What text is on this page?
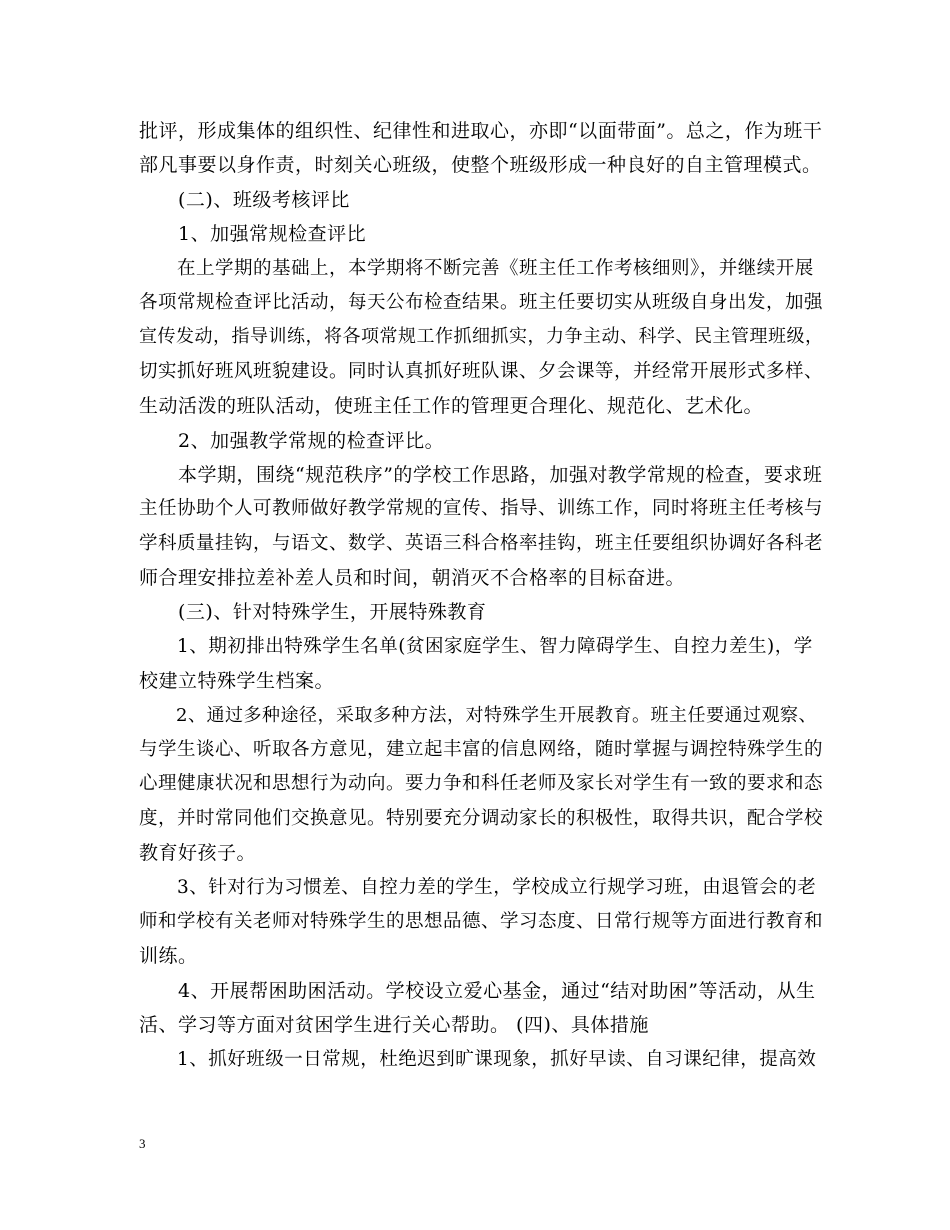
批评，形成集体的组织性、纪律性和进取心，亦即“以面带面”。总之，作为班干
部凡事要以身作责，时刻关心班级，使整个班级形成一种良好的自主管理模式。
　　(二)、班级考核评比
　　1、加强常规检查评比
　　在上学期的基础上，本学期将不断完善《班主任工作考核细则》，并继续开展
各项常规检查评比活动，每天公布检查结果。班主任要切实从班级自身出发，加强
宣传发动，指导训练，将各项常规工作抓细抓实，力争主动、科学、民主管理班级，
切实抓好班风班貌建设。同时认真抓好班队课、夕会课等，并经常开展形式多样、
生动活泼的班队活动，使班主任工作的管理更合理化、规范化、艺术化。
　　2、加强教学常规的检查评比。
　　本学期，围绕“规范秩序”的学校工作思路，加强对教学常规的检查，要求班
主任协助个人可教师做好教学常规的宣传、指导、训练工作，同时将班主任考核与
学科质量挂钩，与语文、数学、英语三科合格率挂钩，班主任要组织协调好各科老
师合理安排拉差补差人员和时间，朝消灭不合格率的目标奋进。
　　(三)、针对特殊学生，开展特殊教育
　　1、期初排出特殊学生名单(贫困家庭学生、智力障碍学生、自控力差生)，学
校建立特殊学生档案。
　　2、通过多种途径，采取多种方法，对特殊学生开展教育。班主任要通过观察、
与学生谈心、听取各方意见，建立起丰富的信息网络，随时掌握与调控特殊学生的
心理健康状况和思想行为动向。要力争和科任老师及家长对学生有一致的要求和态
度，并时常同他们交换意见。特别要充分调动家长的积极性，取得共识，配合学校
教育好孩子。
　　3、针对行为习惯差、自控力差的学生，学校成立行规学习班，由退管会的老
师和学校有关老师对特殊学生的思想品德、学习态度、日常行规等方面进行教育和
训练。
　　4、开展帮困助困活动。学校设立爱心基金，通过“结对助困”等活动，从生
活、学习等方面对贫困学生进行关心帮助。 (四)、具体措施
　　1、抓好班级一日常规，杜绝迟到旷课现象，抓好早读、自习课纪律，提高效
3
